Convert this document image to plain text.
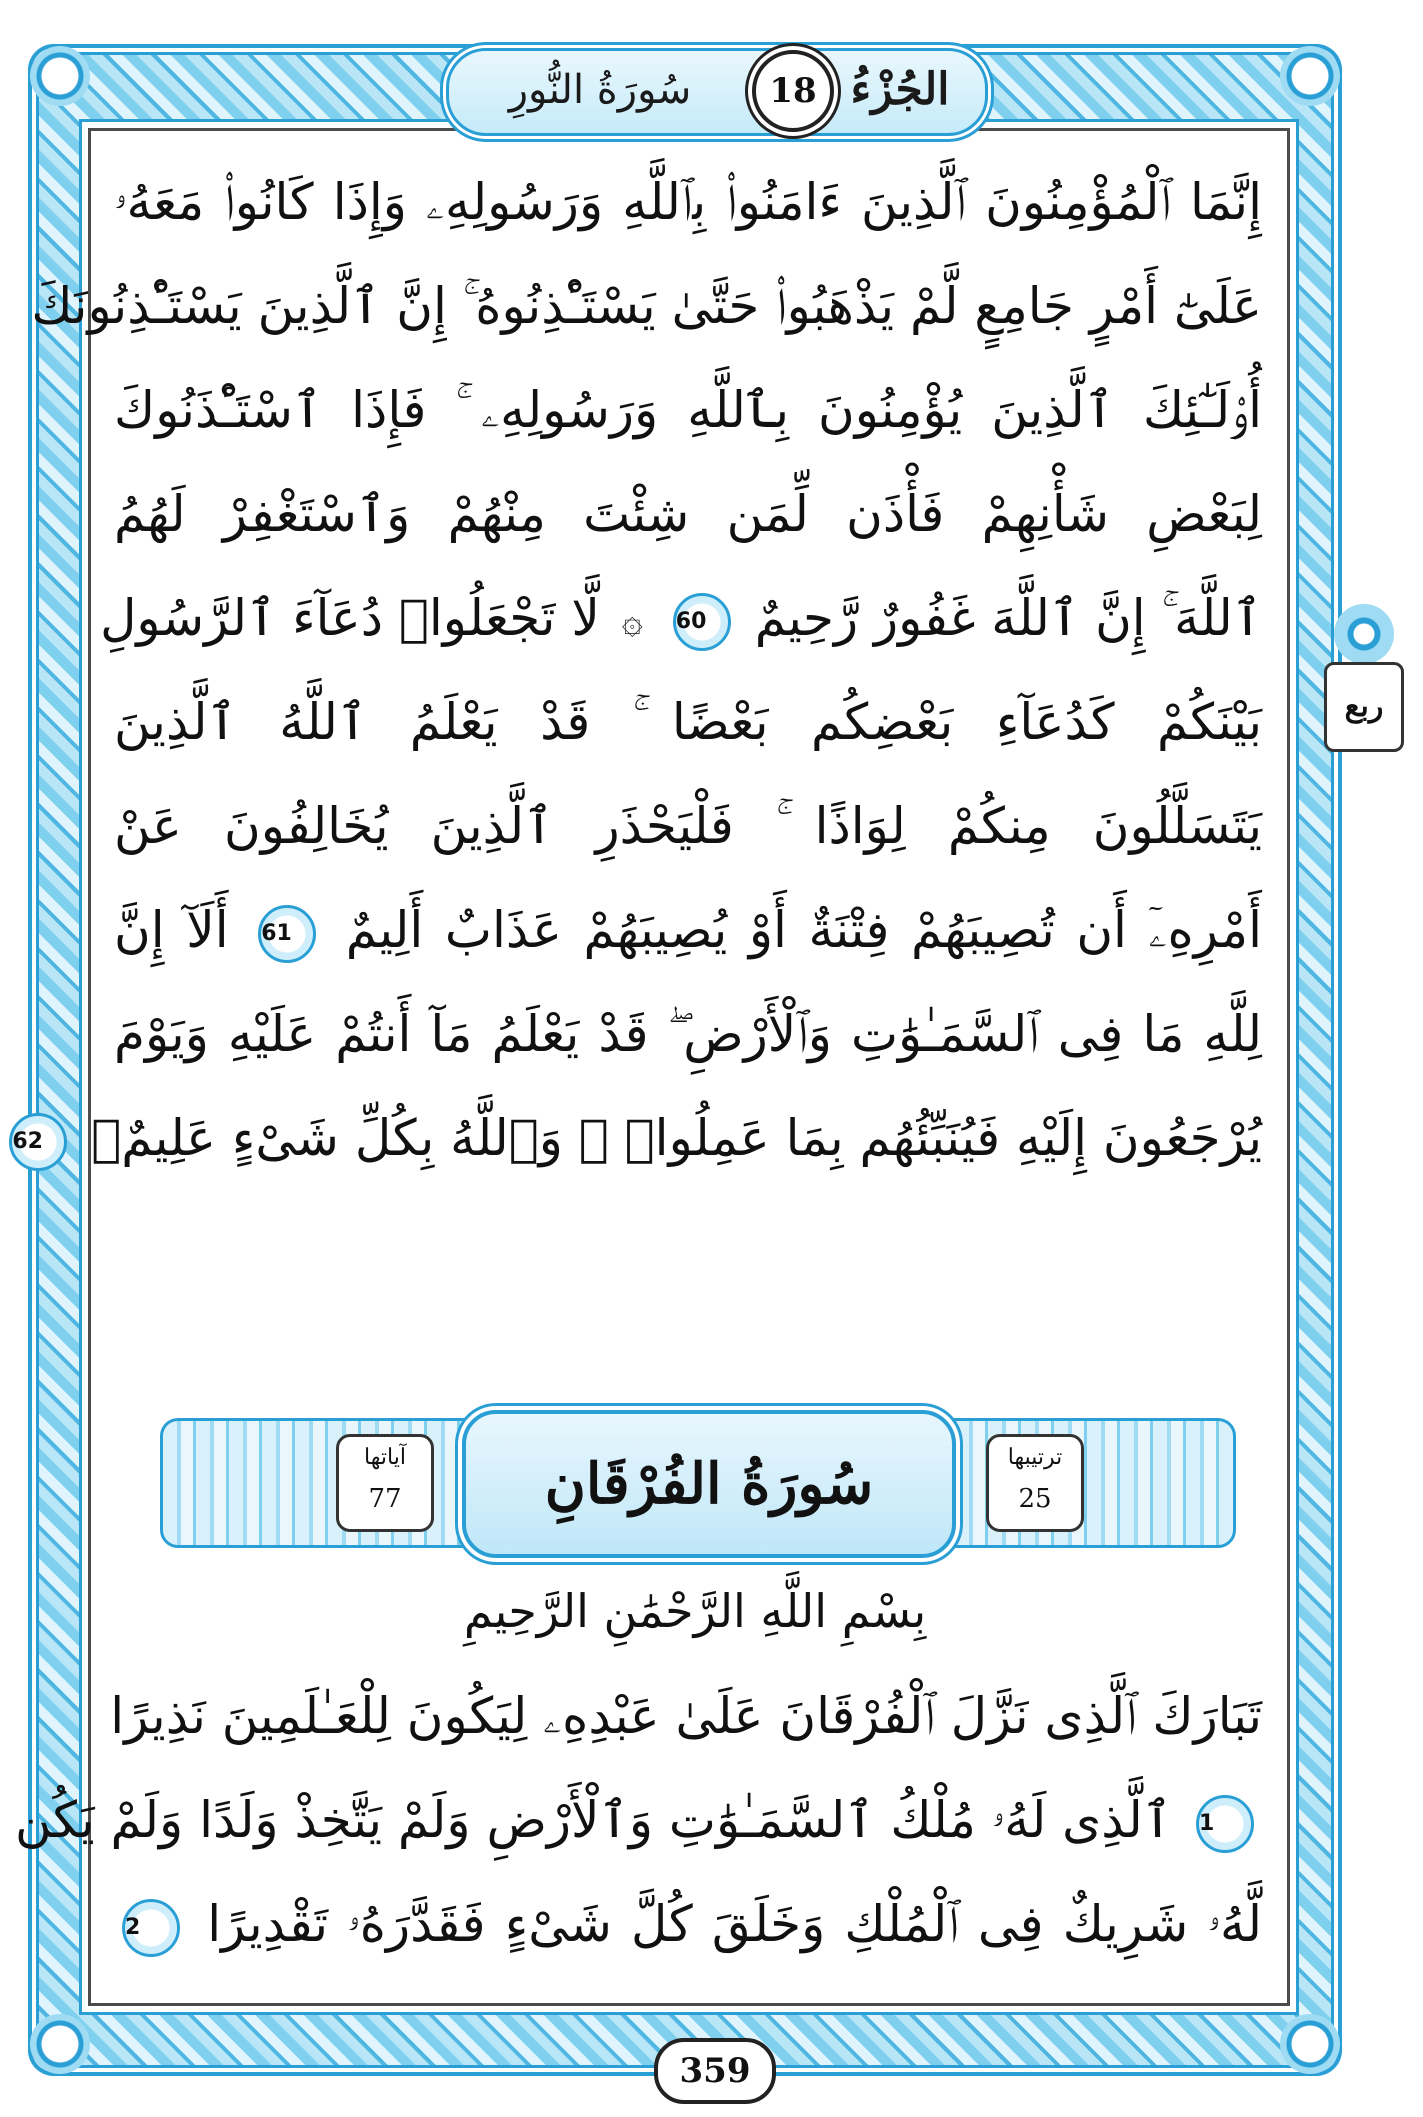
الجُزْءُ
18
سُورَةُ النُّورِ
ربع
إِنَّمَا ٱلْمُؤْمِنُونَ ٱلَّذِينَ ءَامَنُوا۟ بِٱللَّهِ وَرَسُولِهِۦ وَإِذَا كَانُوا۟ مَعَهُۥ
عَلَىٰٓ أَمْرٍ جَامِعٍ لَّمْ يَذْهَبُوا۟ حَتَّىٰ يَسْتَـْٔذِنُوهُ ۚ إِنَّ ٱلَّذِينَ يَسْتَـْٔذِنُونَكَ
أُو۟لَـٰٓئِكَ ٱلَّذِينَ يُؤْمِنُونَ بِٱللَّهِ وَرَسُولِهِۦ ۚ فَإِذَا ٱسْتَـْٔذَنُوكَ
لِبَعْضِ شَأْنِهِمْ فَأْذَن لِّمَن شِئْتَ مِنْهُمْ وَٱسْتَغْفِرْ لَهُمُ
ٱللَّهَ ۚ إِنَّ ٱللَّهَ غَفُورٌ رَّحِيمٌ 60 ۞ لَّا تَجْعَلُوا۟ دُعَآءَ ٱلرَّسُولِ
بَيْنَكُمْ كَدُعَآءِ بَعْضِكُم بَعْضًا ۚ قَدْ يَعْلَمُ ٱللَّهُ ٱلَّذِينَ
يَتَسَلَّلُونَ مِنكُمْ لِوَاذًا ۚ فَلْيَحْذَرِ ٱلَّذِينَ يُخَالِفُونَ عَنْ
أَمْرِهِۦٓ أَن تُصِيبَهُمْ فِتْنَةٌ أَوْ يُصِيبَهُمْ عَذَابٌ أَلِيمٌ 61 أَلَآ إِنَّ
لِلَّهِ مَا فِى ٱلسَّمَـٰوَٰتِ وَٱلْأَرْضِ ۖ قَدْ يَعْلَمُ مَآ أَنتُمْ عَلَيْهِ وَيَوْمَ
يُرْجَعُونَ إِلَيْهِ فَيُنَبِّئُهُم بِمَا عَمِلُوا۟ ۗ وَٱللَّهُ بِكُلِّ شَىْءٍ عَلِيمٌۢ 62
سُورَةُ الفُرْقَانِ
آياتها
77
ترتيبها
25
بِسْمِ اللَّهِ الرَّحْمَٰنِ الرَّحِيمِ
تَبَارَكَ ٱلَّذِى نَزَّلَ ٱلْفُرْقَانَ عَلَىٰ عَبْدِهِۦ لِيَكُونَ لِلْعَـٰلَمِينَ نَذِيرًا
1 ٱلَّذِى لَهُۥ مُلْكُ ٱلسَّمَـٰوَٰتِ وَٱلْأَرْضِ وَلَمْ يَتَّخِذْ وَلَدًا وَلَمْ يَكُن
لَّهُۥ شَرِيكٌ فِى ٱلْمُلْكِ وَخَلَقَ كُلَّ شَىْءٍ فَقَدَّرَهُۥ تَقْدِيرًا 2
359
